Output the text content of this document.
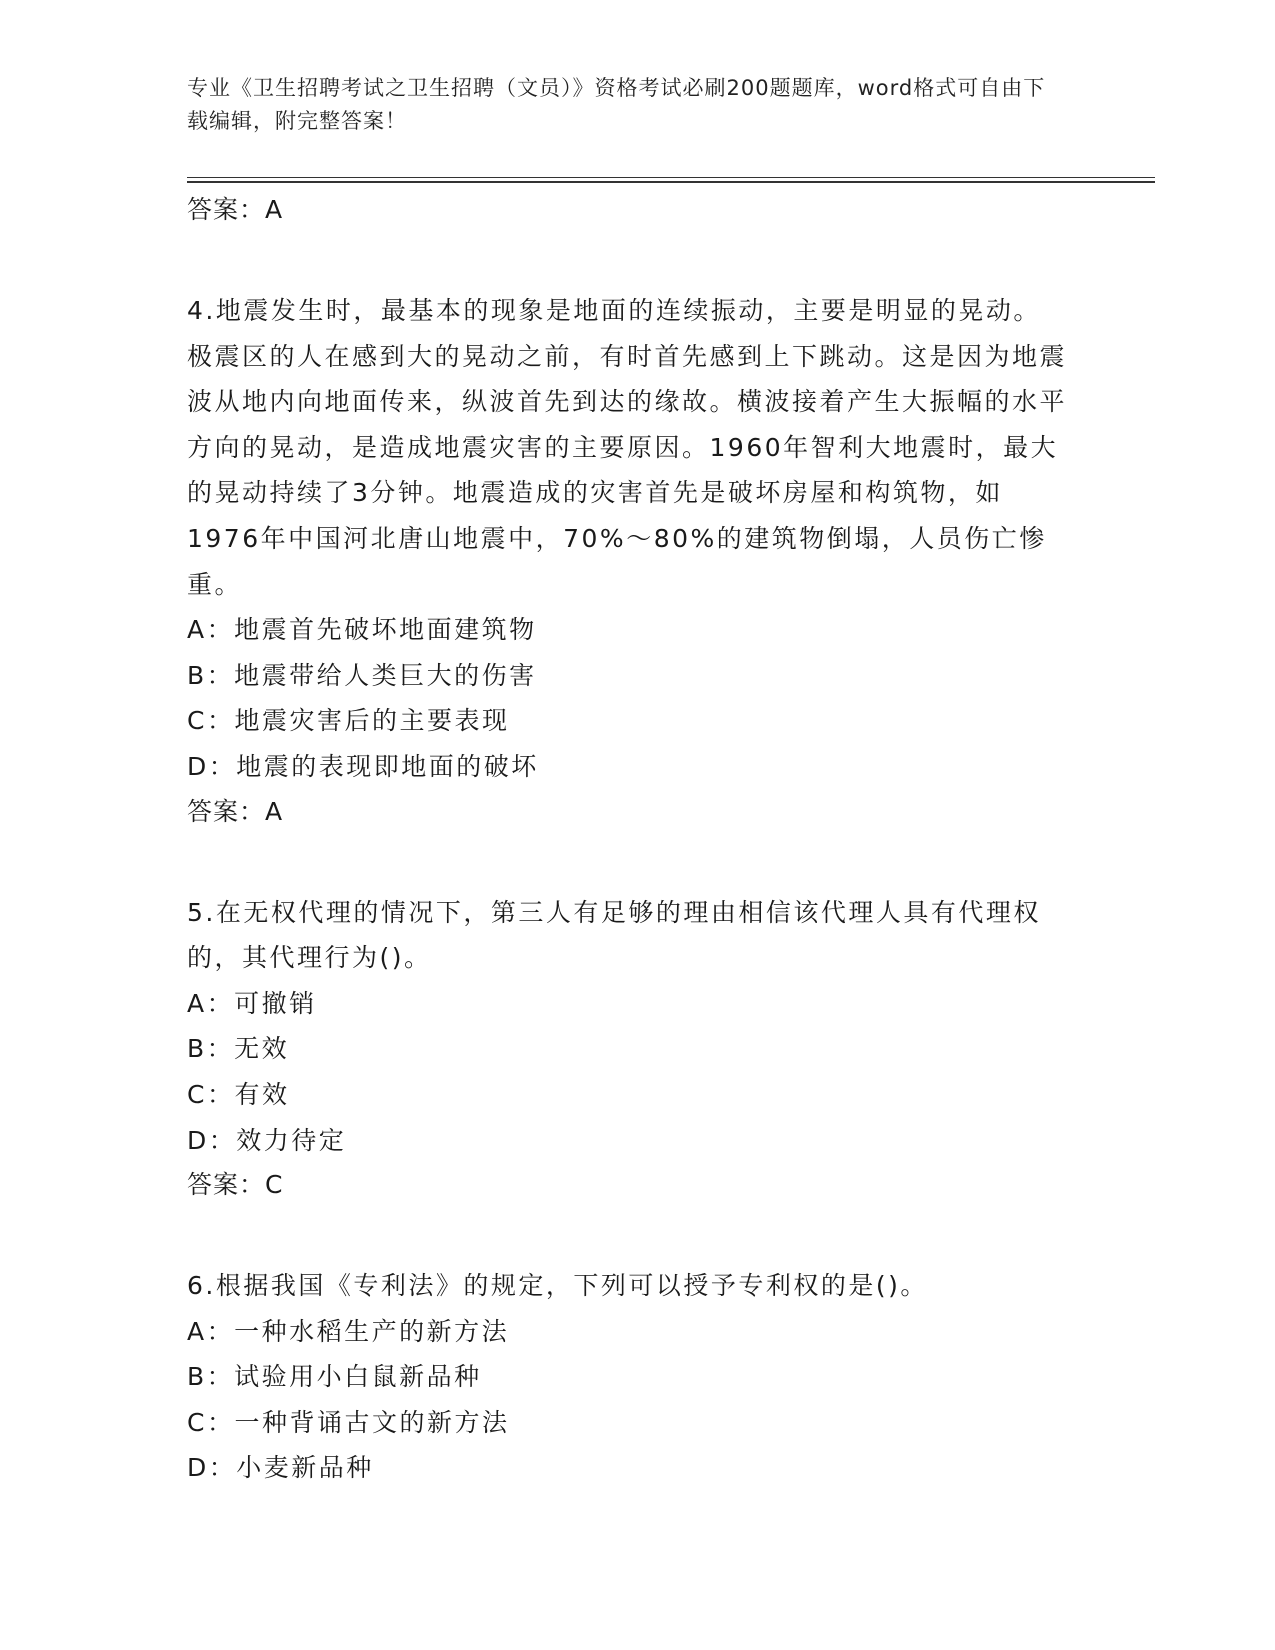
专业《卫生招聘考试之卫生招聘（文员）》资格考试必刷200题题库，word格式可自由下载编辑，附完整答案！

答案：A

4.地震发生时，最基本的现象是地面的连续振动，主要是明显的晃动。极震区的人在感到大的晃动之前，有时首先感到上下跳动。这是因为地震波从地内向地面传来，纵波首先到达的缘故。横波接着产生大振幅的水平方向的晃动，是造成地震灾害的主要原因。1960年智利大地震时，最大的晃动持续了3分钟。地震造成的灾害首先是破坏房屋和构筑物，如1976年中国河北唐山地震中，70%～80%的建筑物倒塌，人员伤亡惨重。

A：地震首先破坏地面建筑物

B：地震带给人类巨大的伤害

C：地震灾害后的主要表现

D：地震的表现即地面的破坏

答案：A

5.在无权代理的情况下，第三人有足够的理由相信该代理人具有代理权的，其代理行为()。

A：可撤销

B：无效

C：有效

D：效力待定

答案：C

6.根据我国《专利法》的规定，下列可以授予专利权的是()。

A：一种水稻生产的新方法

B：试验用小白鼠新品种

C：一种背诵古文的新方法

D：小麦新品种
